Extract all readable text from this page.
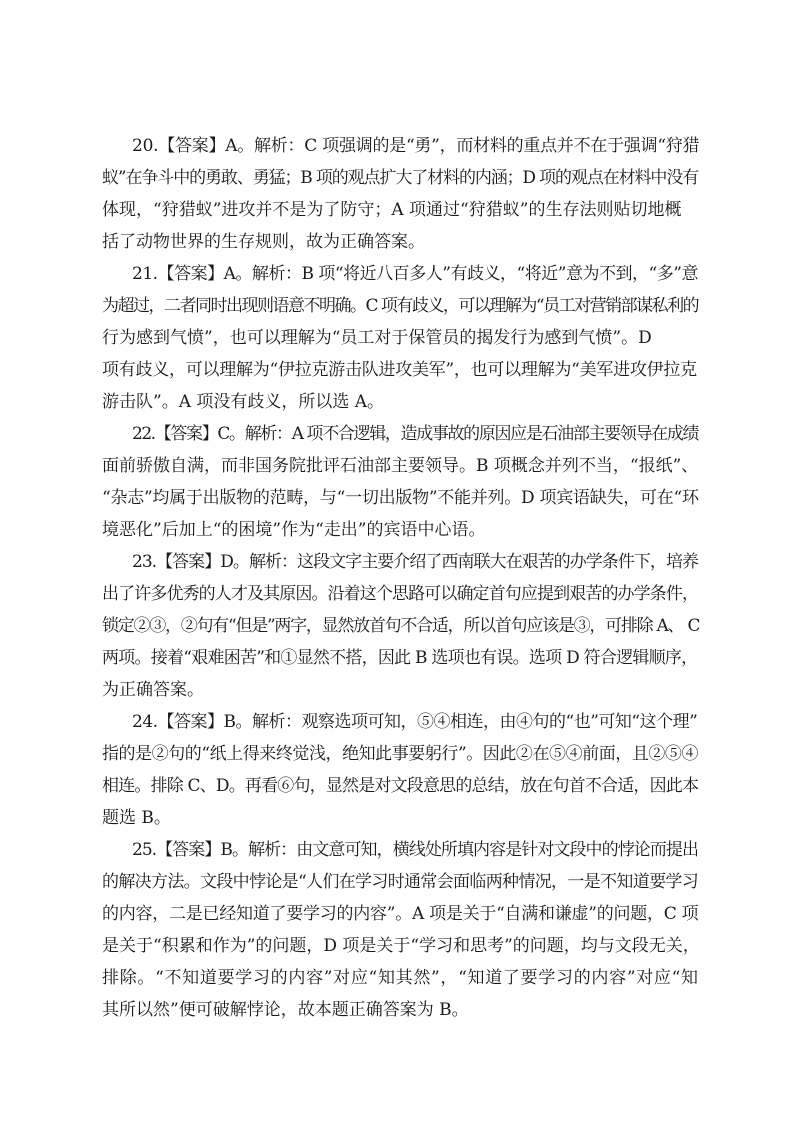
20.【答案】A。解析：C 项强调的是“勇”，而材料的重点并不在于强调“狩猎
蚁”在争斗中的勇敢、勇猛；B 项的观点扩大了材料的内涵；D 项的观点在材料中没有
体现，“狩猎蚁”进攻并不是为了防守；A 项通过“狩猎蚁”的生存法则贴切地概
括了动物世界的生存规则，故为正确答案。
21.【答案】A。解析：B 项“将近八百多人”有歧义，“将近”意为不到，“多”意
为超过，二者同时出现则语意不明确。C 项有歧义，可以理解为“员工对营销部谋私利的
行为感到气愤”，也可以理解为“员工对于保管员的揭发行为感到气愤”。D
项有歧义，可以理解为“伊拉克游击队进攻美军”，也可以理解为“美军进攻伊拉克
游击队”。A 项没有歧义，所以选 A。
22.【答案】C。解析：A 项不合逻辑，造成事故的原因应是石油部主要领导在成绩
面前骄傲自满，而非国务院批评石油部主要领导。B 项概念并列不当，“报纸”、
“杂志”均属于出版物的范畴，与“一切出版物”不能并列。D 项宾语缺失，可在“环
境恶化”后加上“的困境”作为“走出”的宾语中心语。
23.【答案】D。解析：这段文字主要介绍了西南联大在艰苦的办学条件下，培养
出了许多优秀的人才及其原因。沿着这个思路可以确定首句应提到艰苦的办学条件，
锁定②③，②句有“但是”两字，显然放首句不合适，所以首句应该是③，可排除 A、 C
两项。接着“艰难困苦”和①显然不搭，因此 B 选项也有误。选项 D 符合逻辑顺序，
为正确答案。
24.【答案】B。解析：观察选项可知，⑤④相连，由④句的“也”可知“这个理”
指的是②句的“纸上得来终觉浅，绝知此事要躬行”。因此②在⑤④前面，且②⑤④
相连。排除 C、D。再看⑥句，显然是对文段意思的总结，放在句首不合适，因此本
题选 B。
25.【答案】B。解析：由文意可知，横线处所填内容是针对文段中的悖论而提出
的解决方法。文段中悖论是“人们在学习时通常会面临两种情况，一是不知道要学习
的内容，二是已经知道了要学习的内容”。A 项是关于“自满和谦虚”的问题，C 项
是关于“积累和作为”的问题，D 项是关于“学习和思考”的问题，均与文段无关，
排除。“不知道要学习的内容”对应“知其然”，“知道了要学习的内容”对应“知
其所以然”便可破解悖论，故本题正确答案为 B。
